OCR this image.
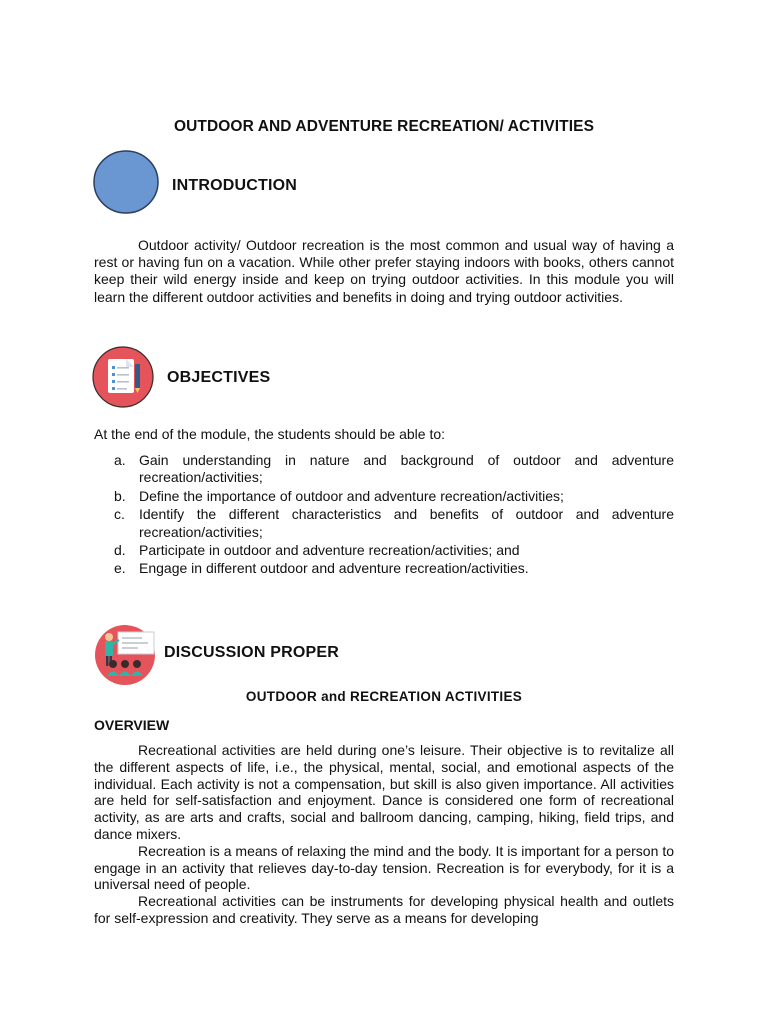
OUTDOOR AND ADVENTURE RECREATION/ ACTIVITIES
INTRODUCTION

Outdoor activity/ Outdoor recreation is the most common and usual way of having a rest or having fun on a vacation. While other prefer staying indoors with books, others cannot keep their wild energy inside and keep on trying outdoor activities. In this module you will learn the different outdoor activities and benefits in doing and trying outdoor activities.

OBJECTIVES
At the end of the module, the students should be able to:
a. Gain understanding in nature and background of outdoor and adventure recreation/activities;
b. Define the importance of outdoor and adventure recreation/activities;
c. Identify the different characteristics and benefits of outdoor and adventure recreation/activities;
d. Participate in outdoor and adventure recreation/activities; and
e. Engage in different outdoor and adventure recreation/activities.
DISCUSSION PROPER
OUTDOOR and RECREATION ACTIVITIES
OVERVIEW

Recreational activities are held during one’s leisure. Their objective is to revitalize all the different aspects of life, i.e., the physical, mental, social, and emotional aspects of the individual. Each activity is not a compensation, but skill is also given importance. All activities are held for self-satisfaction and enjoyment. Dance is considered one form of recreational activity, as are arts and crafts, social and ballroom dancing, camping, hiking, field trips, and dance mixers.

Recreation is a means of relaxing the mind and the body. It is important for a person to engage in an activity that relieves day-to-day tension. Recreation is for everybody, for it is a universal need of people.

Recreational activities can be instruments for developing physical health and outlets for self-expression and creativity. They serve as a means for developing
